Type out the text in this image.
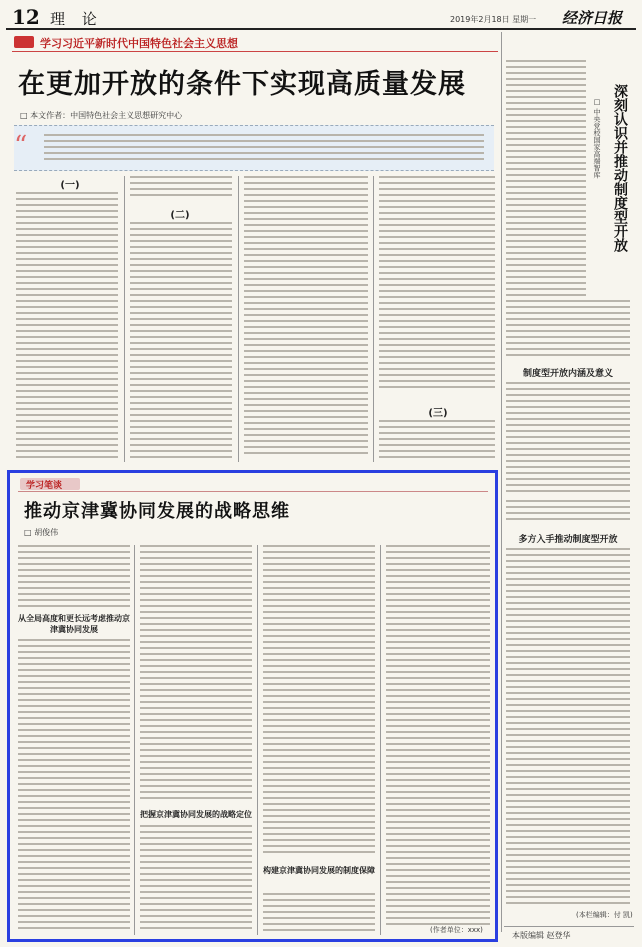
12 理 论	2019年2月18日 星期一 经济日报
学习习近平新时代中国特色社会主义思想
在更加开放的条件下实现高质量发展
□ 本文作者：中国特色社会主义思想研究中心
“
(一)
(二)
(三)
深刻认识并推动制度型开放
□ 中央党校国家高端智库
制度型开放内涵及意义
多方入手推动制度型开放
(本栏编辑：付 凯)
本版编辑 赵登华
学习笔谈
推动京津冀协同发展的战略思维
□ 胡俊伟
从全局高度和更长远考虑推动京津冀协同发展
把握京津冀协同发展的战略定位
构建京津冀协同发展的制度保障
(作者单位：xxx)
